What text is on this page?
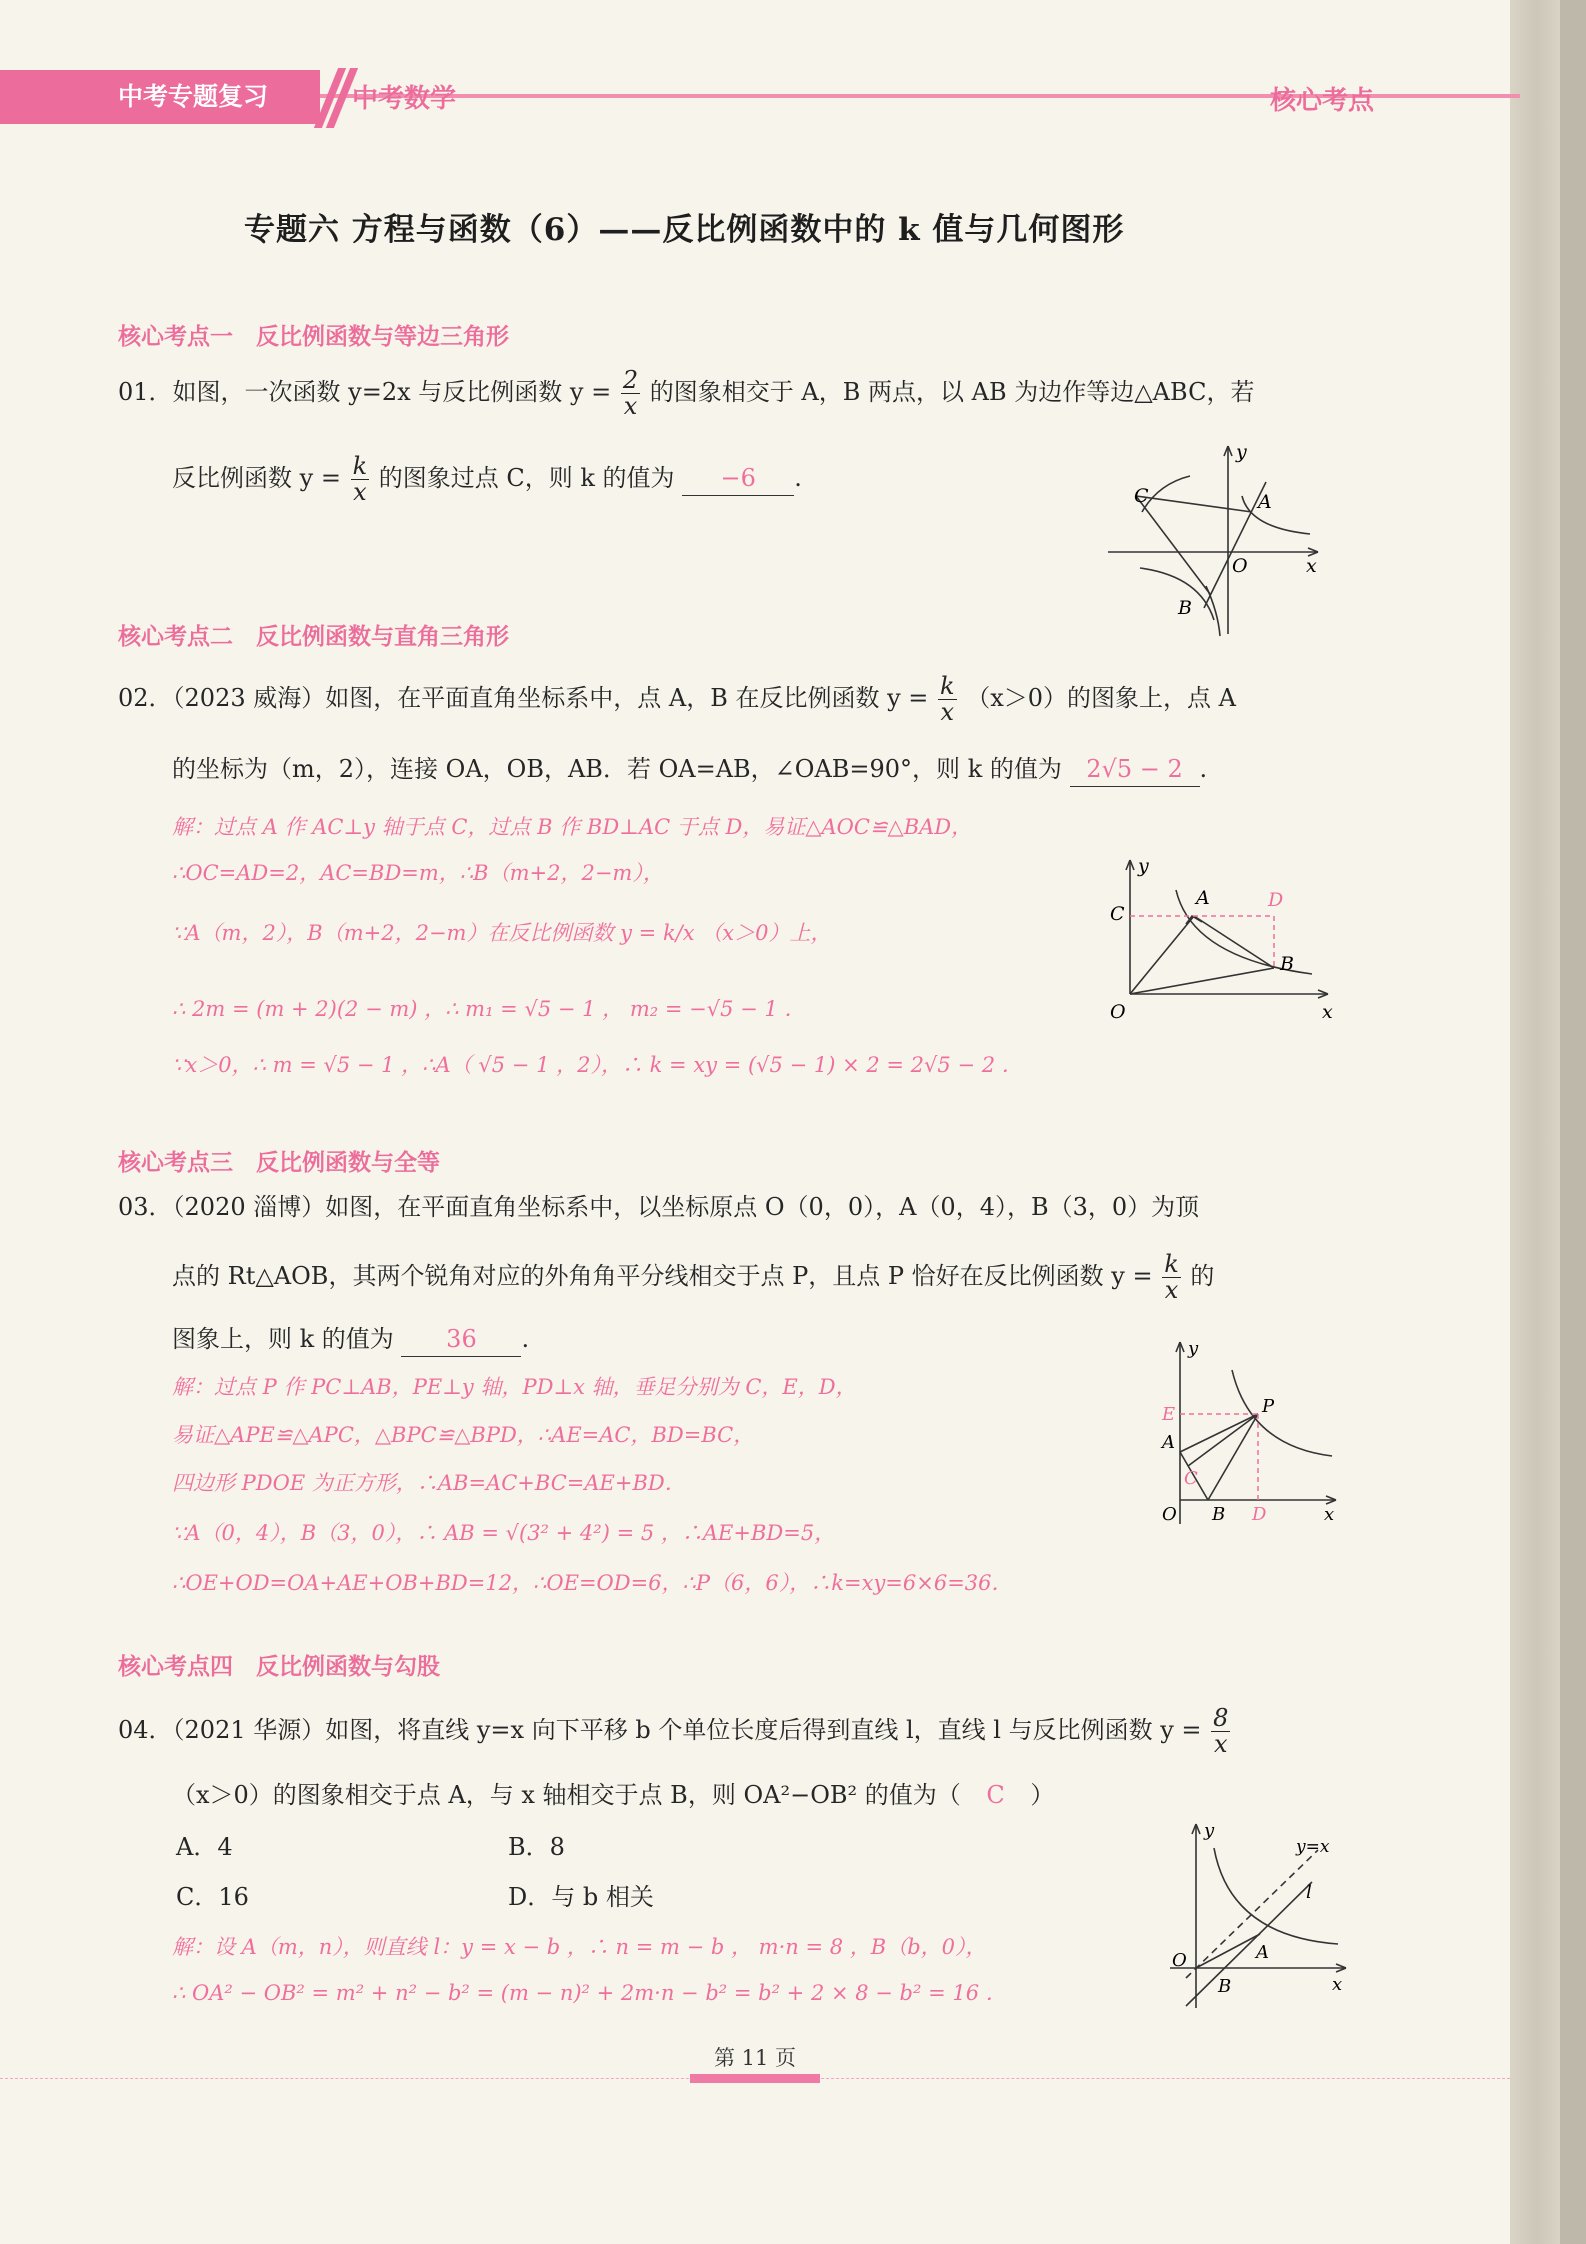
中考专题复习	中考数学	核心考点
专题六 方程与函数（6）——反比例函数中的 k 值与几何图形
核心考点一　反比例函数与等边三角形
01．如图，一次函数 y=2x 与反比例函数 $y = \frac{2}{x}$ 的图象相交于 A，B 两点，以 AB 为边作等边△ABC，若
反比例函数 $y = \frac{k}{x}$ 的图象过点 C，则 k 的值为 −6 .
C	A
B
O	x
y
核心考点二　反比例函数与直角三角形
02．（2023 威海）如图，在平面直角坐标系中，点 A，B 在反比例函数 $y = \frac{k}{x} (x>0)$的图象上，点 A
的坐标为（m，2），连接 OA，OB，AB．若 OA=AB，∠OAB=90°，则 k 的值为 2√5 − 2 .
解：过点 A 作 AC⊥y 轴于点 C，过点 B 作 BD⊥AC 于点 D，易证△AOC≌△BAD，
∴OC=AD=2，AC=BD=m，∴B（m+2，2−m），
∵A（m，2），B（m+2，2−m）在反比例函数 y = k/x （x＞0）上，
∴ 2m = (m + 2)(2 − m) ，∴ m₁ = √5 − 1 ， m₂ = −√5 − 1 ．
∵x＞0，∴ m = √5 − 1 ，∴A（ √5 − 1 ，2），∴ k = xy = (√5 − 1) × 2 = 2√5 − 2 ．
C
A	D
B
O	x
y
核心考点三　反比例函数与全等
03．（2020 淄博）如图，在平面直角坐标系中，以坐标原点 O（0，0），A（0，4），B（3，0）为顶
点的 Rt△AOB，其两个锐角对应的外角角平分线相交于点 P，且点 P 恰好在反比例函数 $y = \frac{k}{x}$ 的
图象上，则 k 的值为 36 .
解：过点 P 作 PC⊥AB，PE⊥y 轴，PD⊥x 轴，垂足分别为 C，E，D，
易证△APE≌△APC，△BPC≌△BPD，∴AE=AC，BD=BC，
四边形 PDOE 为正方形，∴AB=AC+BC=AE+BD．
∵A（0，4），B（3，0），∴ AB = √(3² + 4²) = 5 ，∴AE+BD=5，
∴OE+OD=OA+AE+OB+BD=12，∴OE=OD=6，∴P（6，6），∴k=xy=6×6=36．
E
A
C
P
O B D	x
y
核心考点四　反比例函数与勾股
04．（2021 华源）如图，将直线 y=x 向下平移 b 个单位长度后得到直线 l，直线 l 与反比例函数 $y = \frac{8}{x}$
（x＞0）的图象相交于点 A，与 x 轴相交于点 B，则 OA²−OB² 的值为（ C ）
A．4	B．8
C．16	D．与 b 相关
解：设 A（m，n），则直线 l：y = x − b ，∴ n = m − b ， m·n = 8 ，B（b，0），
∴ OA² − OB² = m² + n² − b² = (m − n)² + 2m·n − b² = b² + 2 × 8 − b² = 16 ．
y=x
l
O	A
B	x
y
第 11 页
